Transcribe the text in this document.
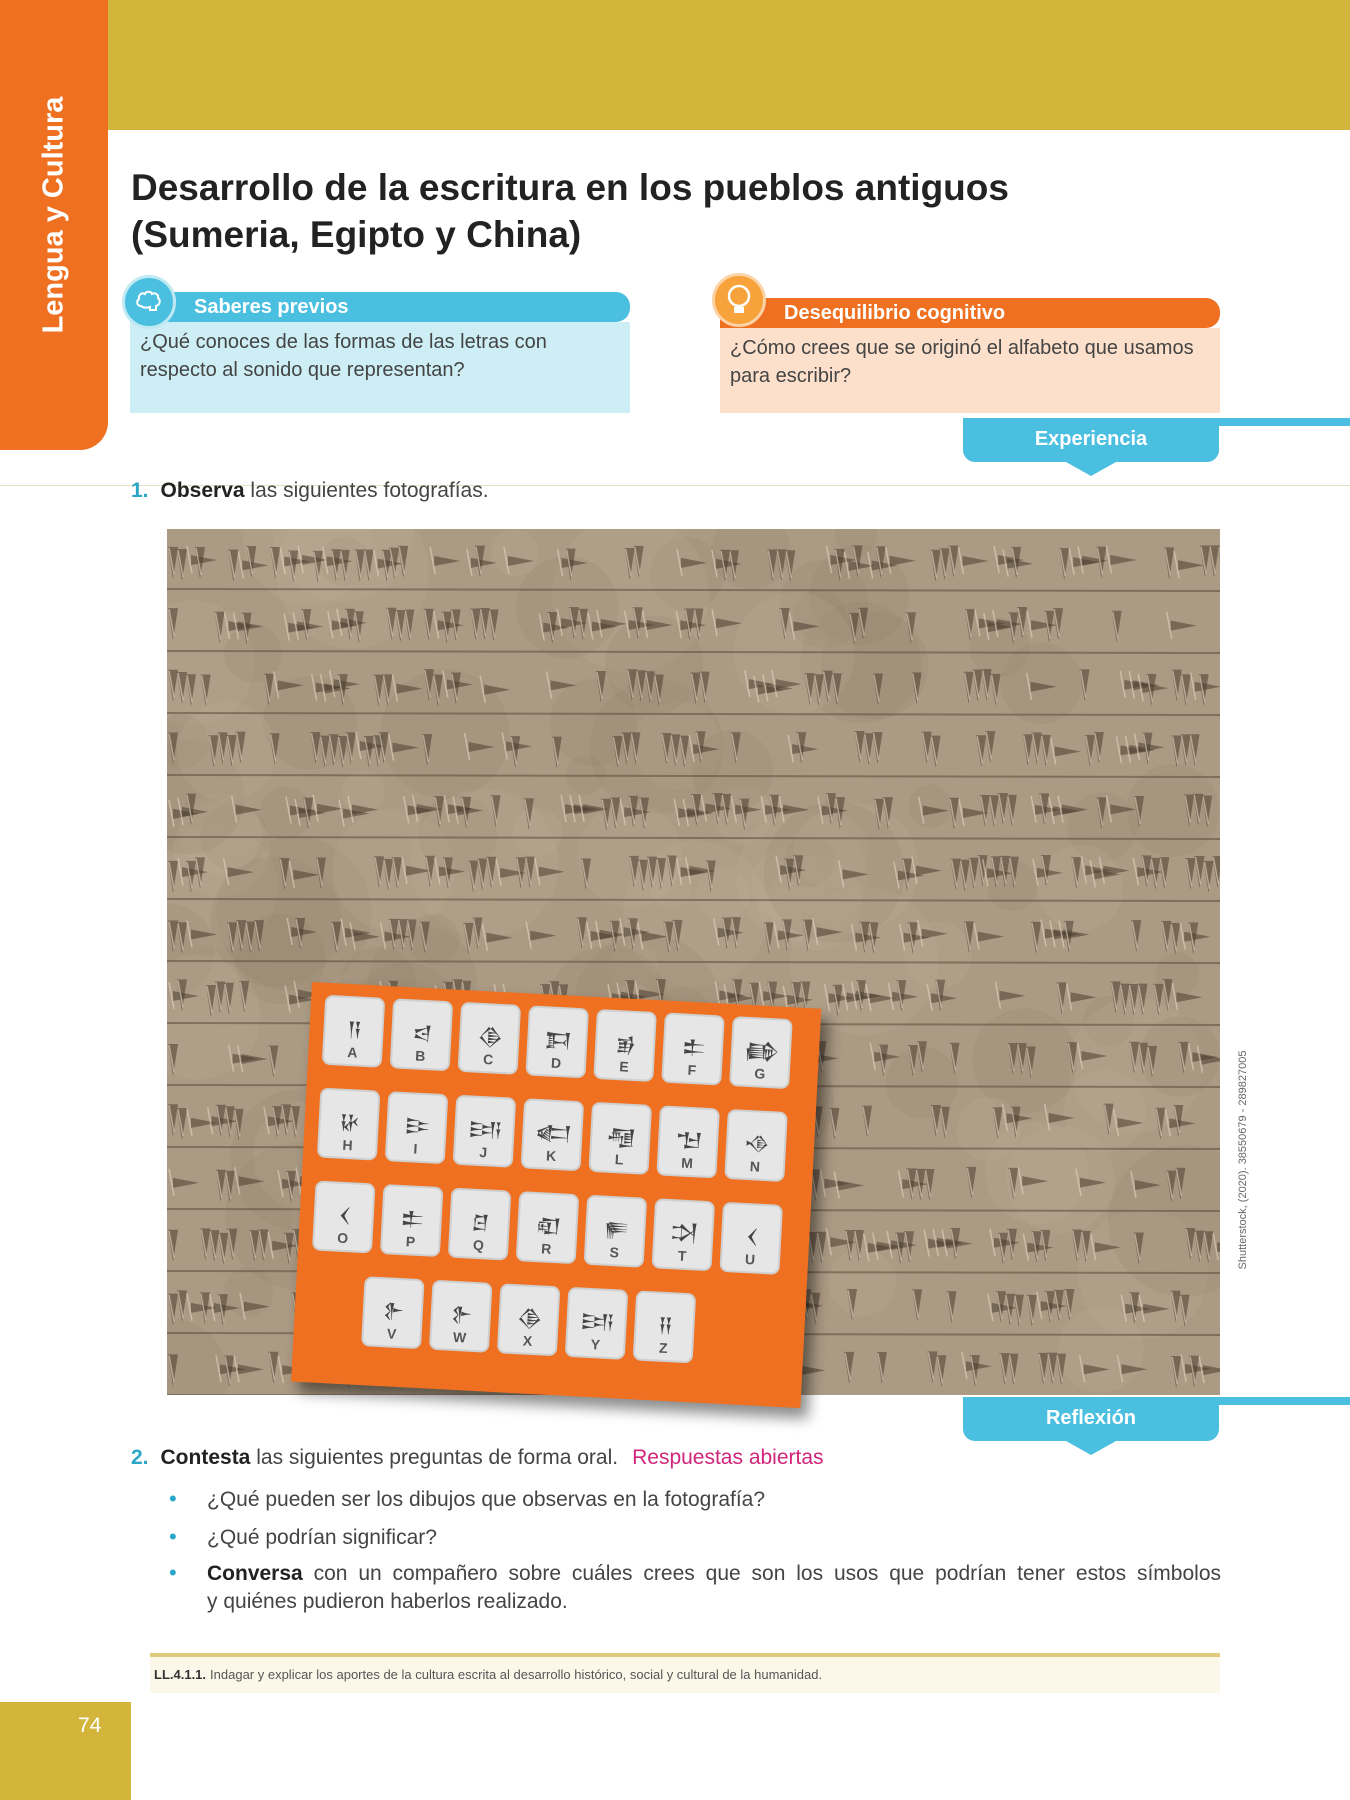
Lengua y Cultura Desarrollo de la escritura en los pueblos antiguos
(Sumeria, Egipto y China)
Saberes previos
¿Qué conoces de las formas de las letras con
respecto al sonido que representan?
Desequilibrio cognitivo
¿Cómo crees que se originó el alfabeto que usamos
para escribir?
Experiencia
1. Observa las siguientes fotografías.
Shutterstock, (2020). 38550679 - 289827005
𒀀
A
𒁀
B
𒆠
C
𒁕
D
𒂊
E
𒉺
F
𒂵
G
𒄩
H
𒄿
I
𒅀
J
𒅗
K
𒆷
L
𒈠
M
𒈾
N
𒌋
O
𒉺
P
𒆪
Q
𒊏
R
𒊓
S
𒋫
T
𒌋
U
𒉿
V
𒉿
W
𒆠
X
𒅀
Y
𒍝
Z
Reflexión
2. Contesta las siguientes preguntas de forma oral. Respuestas abiertas
• ¿Qué pueden ser los dibujos que observas en la fotografía?
• ¿Qué podrían significar?
• Conversa con un compañero sobre cuáles crees que son los usos que podrían tener estos símbolos
y quiénes pudieron haberlos realizado.
LL.4.1.1. Indagar y explicar los aportes de la cultura escrita al desarrollo histórico, social y cultural de la humanidad.
74
